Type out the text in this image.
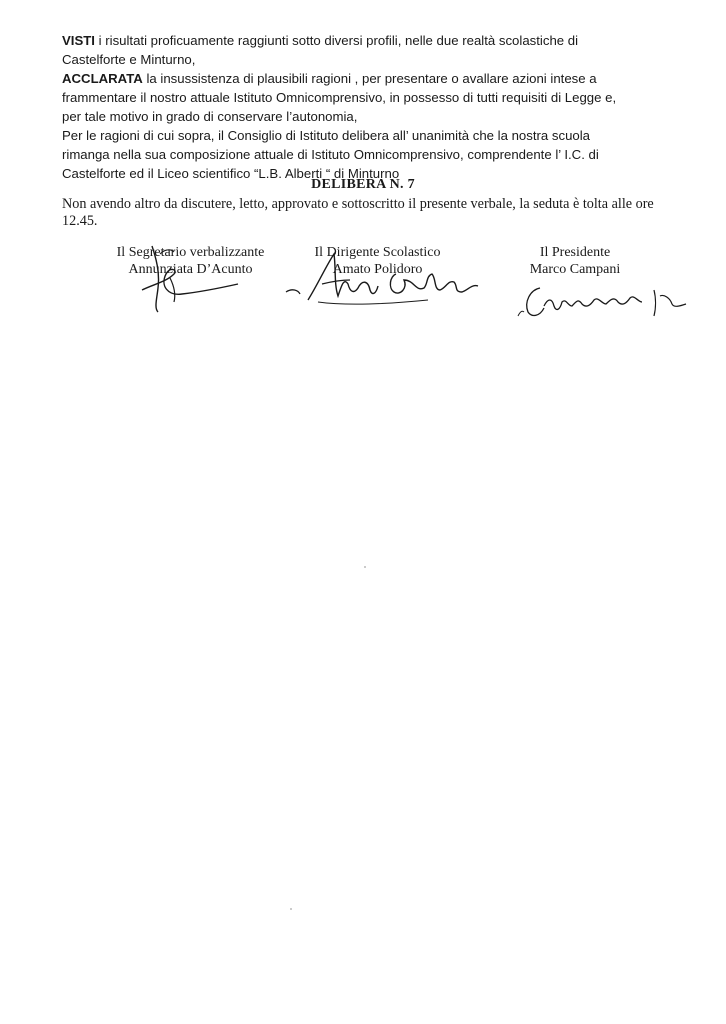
VISTI i risultati proficuamente raggiunti sotto diversi profili, nelle due realtà scolastiche di
Castelforte e Minturno,
ACCLARATA la insussistenza di plausibili ragioni , per presentare o avallare azioni intese a
frammentare il nostro attuale Istituto Omnicomprensivo, in possesso di tutti requisiti di Legge e,
per tale motivo in grado di conservare l’autonomia,
Per le ragioni di cui sopra, il Consiglio di Istituto delibera all’ unanimità che la nostra scuola
rimanga nella sua composizione attuale di Istituto Omnicomprensivo, comprendente l’ I.C. di
Castelforte ed il Liceo scientifico “L.B. Alberti “ di Minturno
DELIBERA N. 7
Non avendo altro da discutere, letto, approvato e sottoscritto il presente verbale, la seduta è tolta alle ore 12.45.
Il Segretario verbalizzante
Annunziata D’Acunto
Il Dirigente Scolastico
Amato Polidoro
Il Presidente
Marco Campani
